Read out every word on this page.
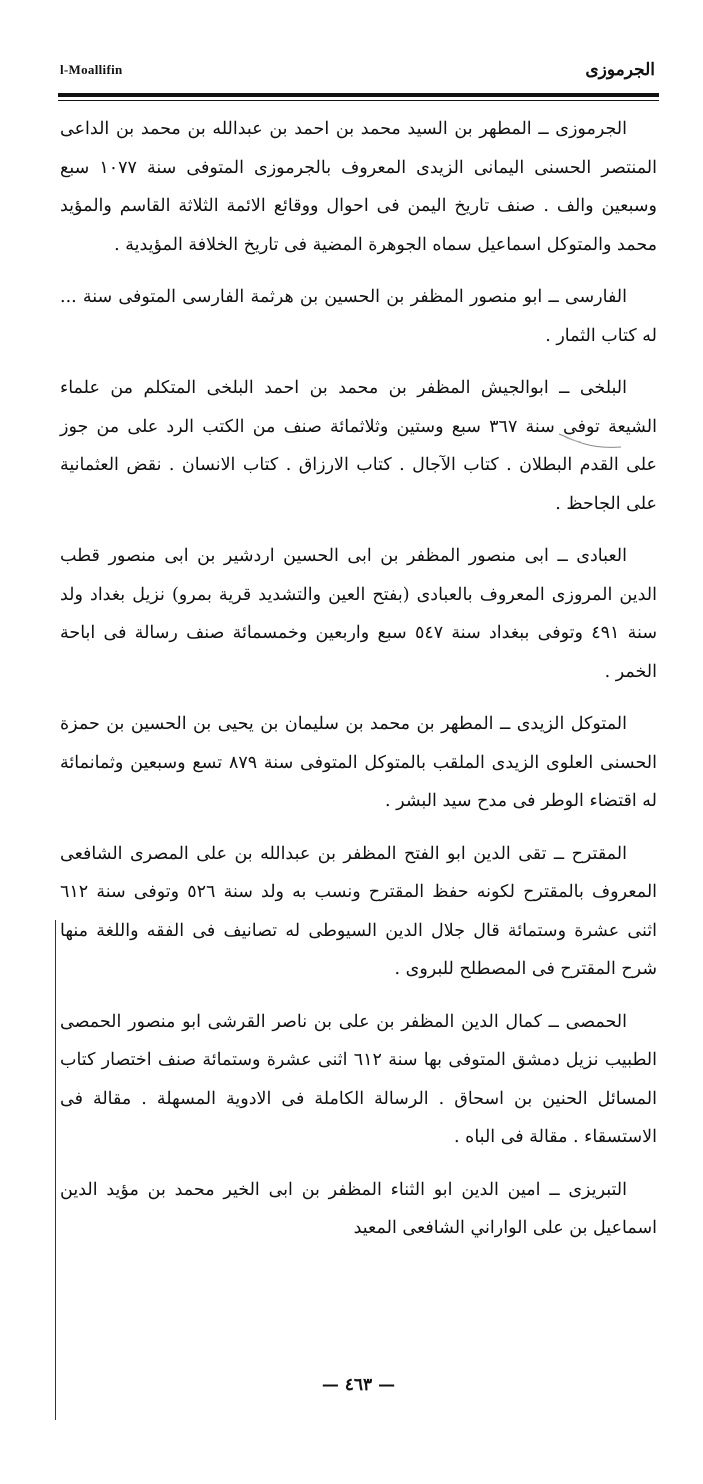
l-Moallifin	الجرموزى

الجرموزى ــ المطهر بن السيد محمد بن احمد بن عبدالله بن محمد بن الداعى المنتصر الحسنى اليمانى الزيدى المعروف بالجرموزى المتوفى سنة ١٠٧٧ سبع وسبعين والف . صنف تاريخ اليمن فى احوال ووقائع الائمة الثلاثة القاسم والمؤيد محمد والمتوكل اسماعيل سماه الجوهرة المضية فى تاريخ الخلافة المؤيدية .

الفارسى ــ ابو منصور المظفر بن الحسين بن هرثمة الفارسى المتوفى سنة ... له كتاب الثمار .

البلخى ــ ابوالجيش المظفر بن محمد بن احمد البلخى المتكلم من علماء الشيعة توفى سنة ٣٦٧ سبع وستين وثلاثمائة صنف من الكتب الرد على من جوز على القدم البطلان . كتاب الآجال . كتاب الارزاق . كتاب الانسان . نقض العثمانية على الجاحظ .

العبادى ــ ابى منصور المظفر بن ابى الحسين اردشير بن ابى منصور قطب الدين المروزى المعروف بالعبادى (بفتح العين والتشديد قرية بمرو) نزيل بغداد ولد سنة ٤٩١ وتوفى ببغداد سنة ٥٤٧ سبع واربعين وخمسمائة صنف رسالة فى اباحة الخمر .

المتوكل الزيدى ــ المطهر بن محمد بن سليمان بن يحيى بن الحسين بن حمزة الحسنى العلوى الزيدى الملقب بالمتوكل المتوفى سنة ٨٧٩ تسع وسبعين وثمانمائة له اقتضاء الوطر فى مدح سيد البشر .

المقترح ــ تقى الدين ابو الفتح المظفر بن عبدالله بن على المصرى الشافعى المعروف بالمقترح لكونه حفظ المقترح ونسب به ولد سنة ٥٢٦ وتوفى سنة ٦١٢ اثنى عشرة وستمائة قال جلال الدين السيوطى له تصانيف فى الفقه واللغة منها شرح المقترح فى المصطلح للبروى .

الحمصى ــ كمال الدين المظفر بن على بن ناصر القرشى ابو منصور الحمصى الطبيب نزيل دمشق المتوفى بها سنة ٦١٢ اثنى عشرة وستمائة صنف اختصار كتاب المسائل الحنين بن اسحاق . الرسالة الكاملة فى الادوية المسهلة . مقالة فى الاستسقاء . مقالة فى الباه .

التبريزى ــ امين الدين ابو الثناء المظفر بن ابى الخير محمد بن مؤيد الدين اسماعيل بن على الواراني الشافعى المعيد

— ٤٦٣ —
